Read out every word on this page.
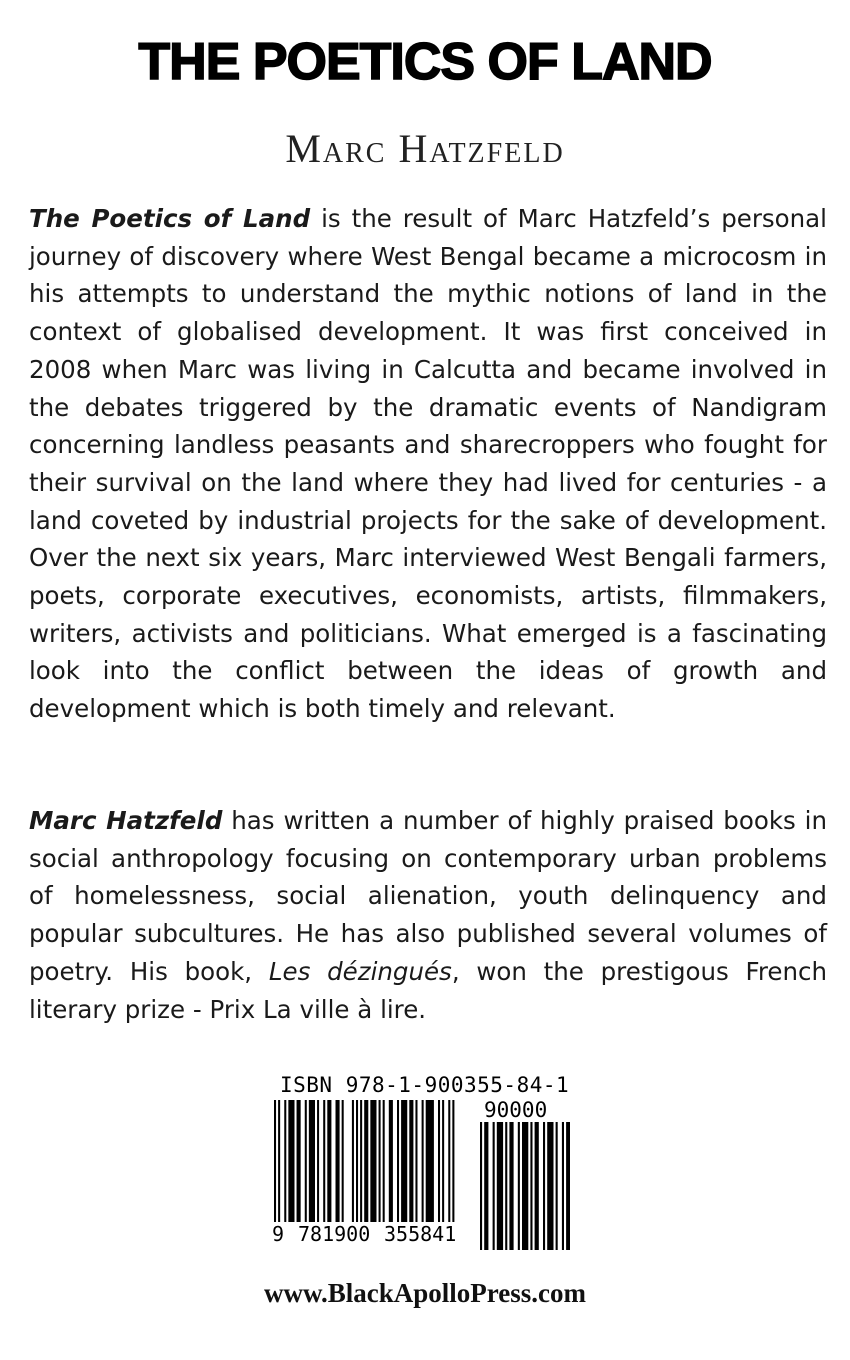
THE POETICS OF LAND
Marc Hatzfeld

The Poetics of Land is the result of Marc Hatzfeld’s personal journey of discovery where West Bengal became a microcosm in his attempts to understand the mythic notions of land in the context of globalised development. It was first conceived in 2008 when Marc was living in Calcutta and became involved in the debates triggered by the dramatic events of Nandigram concerning landless peasants and sharecroppers who fought for their survival on the land where they had lived for centuries - a land coveted by industrial projects for the sake of development. Over the next six years, Marc interviewed West Bengali farmers, poets, corporate executives, economists, artists, filmmakers, writers, activists and politicians. What emerged is a fascinating look into the conflict between the ideas of growth and development which is both timely and relevant.

Marc Hatzfeld has written a number of highly praised books in social anthropology focusing on contemporary urban problems of homelessness, social alienation, youth delinquency and popular subcultures. He has also published several volumes of poetry. His book, Les dézingués, won the prestigous French literary prize - Prix La ville à lire.

ISBN 978-1-900355-84-1
90000
9 781900 355841
www.BlackApolloPress.com
